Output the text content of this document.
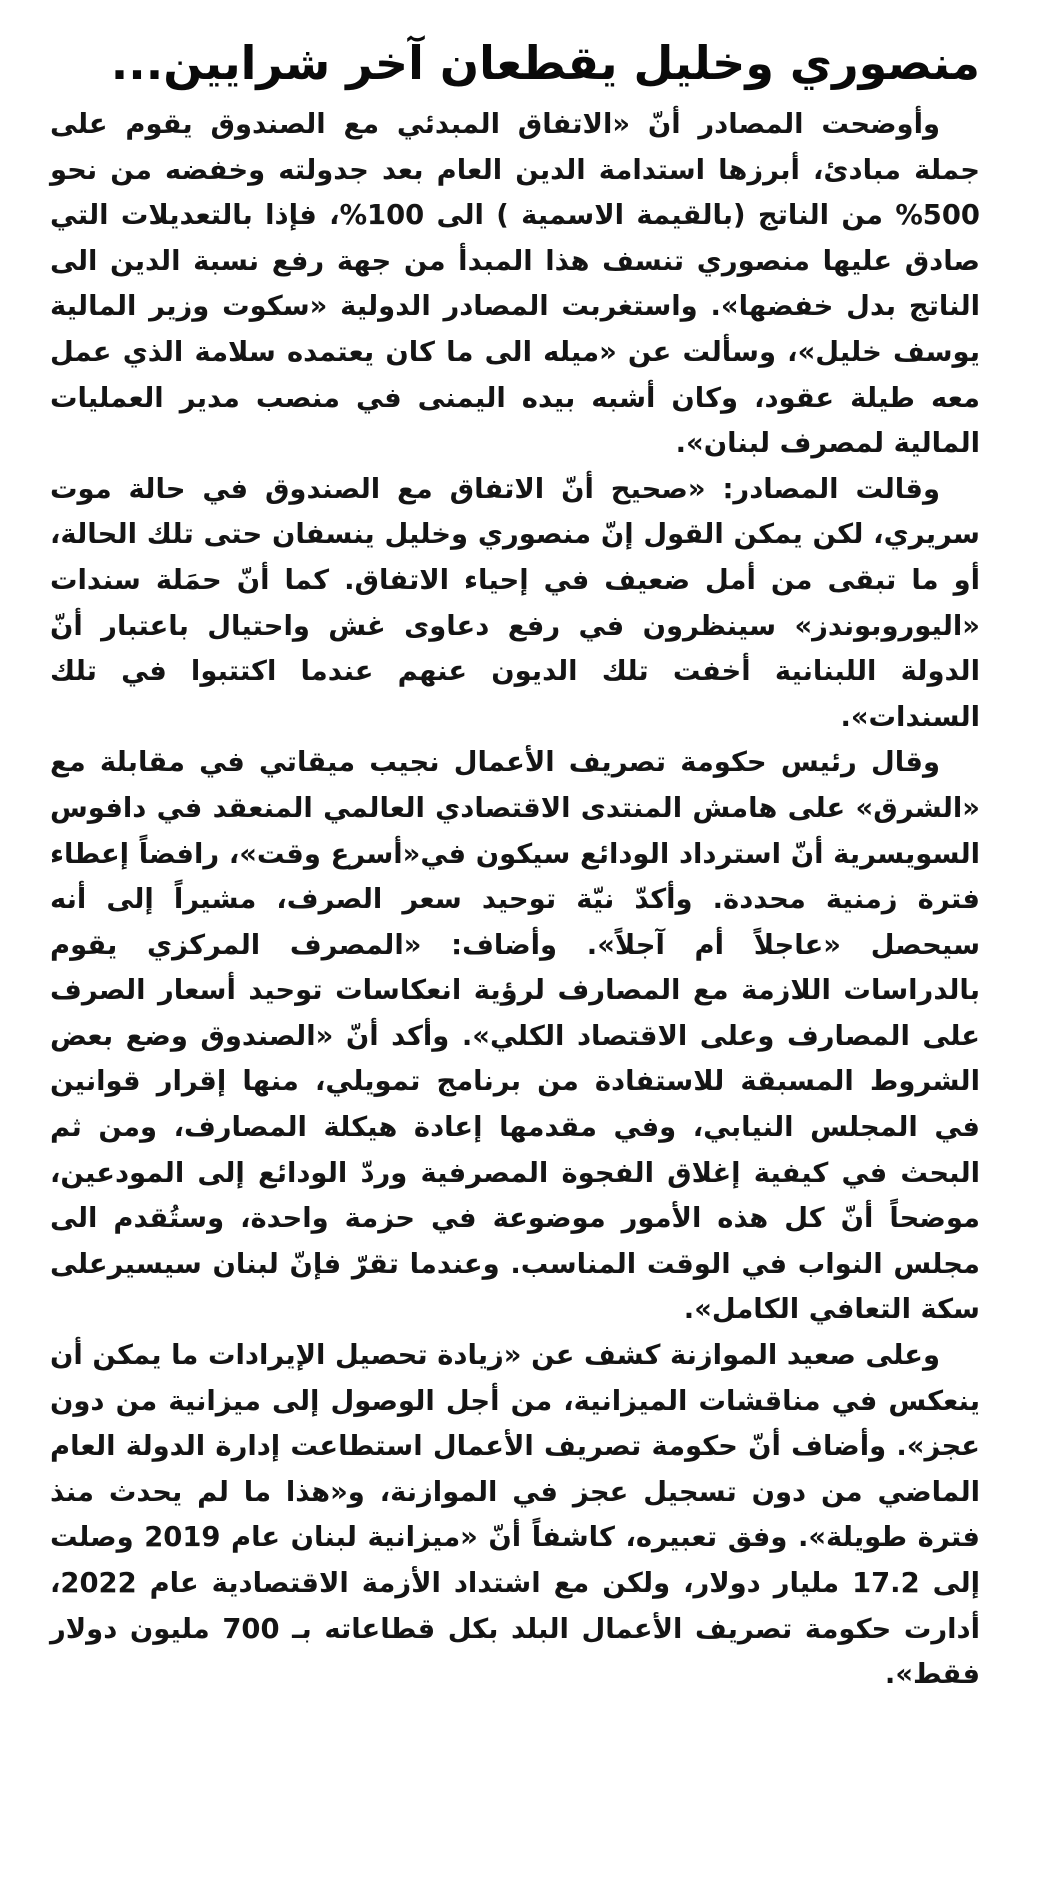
منصوري وخليل يقطعان آخر شرايين...

وأوضحت المصادر أنّ «الاتفاق المبدئي مع الصندوق يقوم على جملة مبادئ، أبرزها استدامة الدين العام بعد جدولته وخفضه من نحو 500% من الناتج (بالقيمة الاسمية ) الى 100%، فإذا بالتعديلات التي صادق عليها منصوري تنسف هذا المبدأ من جهة رفع نسبة الدين الى الناتج بدل خفضها». واستغربت المصادر الدولية «سكوت وزير المالية يوسف خليل»، وسألت عن «ميله الى ما كان يعتمده سلامة الذي عمل معه طيلة عقود، وكان أشبه بيده اليمنى في منصب مدير العمليات المالية لمصرف لبنان».

وقالت المصادر: «صحيح أنّ الاتفاق مع الصندوق في حالة موت سريري، لكن يمكن القول إنّ منصوري وخليل ينسفان حتى تلك الحالة، أو ما تبقى من أمل ضعيف في إحياء الاتفاق. كما أنّ حمَلة سندات «اليوروبوندز» سينظرون في رفع دعاوى غش واحتيال باعتبار أنّ الدولة اللبنانية أخفت تلك الديون عنهم عندما اكتتبوا في تلك السندات».

وقال رئيس حكومة تصريف الأعمال نجيب ميقاتي في مقابلة مع «الشرق» على هامش المنتدى الاقتصادي العالمي المنعقد في دافوس السويسرية أنّ استرداد الودائع سيكون في«أسرع وقت»، رافضاً إعطاء فترة زمنية محددة. وأكدّ نيّة توحيد سعر الصرف، مشيراً إلى أنه سيحصل «عاجلاً أم آجلاً». وأضاف: «المصرف المركزي يقوم بالدراسات اللازمة مع المصارف لرؤية انعكاسات توحيد أسعار الصرف على المصارف وعلى الاقتصاد الكلي». وأكد أنّ «الصندوق وضع بعض الشروط المسبقة للاستفادة من برنامج تمويلي، منها إقرار قوانين في المجلس النيابي، وفي مقدمها إعادة هيكلة المصارف، ومن ثم البحث في كيفية إغلاق الفجوة المصرفية وردّ الودائع إلى المودعين، موضحاً أنّ كل هذه الأمور موضوعة في حزمة واحدة، وستُقدم الى مجلس النواب في الوقت المناسب. وعندما تقرّ فإنّ لبنان سيسيرعلى سكة التعافي الكامل».

وعلى صعيد الموازنة كشف عن «زيادة تحصيل الإيرادات ما يمكن أن ينعكس في مناقشات الميزانية، من أجل الوصول إلى ميزانية من دون عجز». وأضاف أنّ حكومة تصريف الأعمال استطاعت إدارة الدولة العام الماضي من دون تسجيل عجز في الموازنة، و«هذا ما لم يحدث منذ فترة طويلة». وفق تعبيره، كاشفاً أنّ «ميزانية لبنان عام 2019 وصلت إلى 17.2 مليار دولار، ولكن مع اشتداد الأزمة الاقتصادية عام 2022، أدارت حكومة تصريف الأعمال البلد بكل قطاعاته بـ 700 مليون دولار فقط».
